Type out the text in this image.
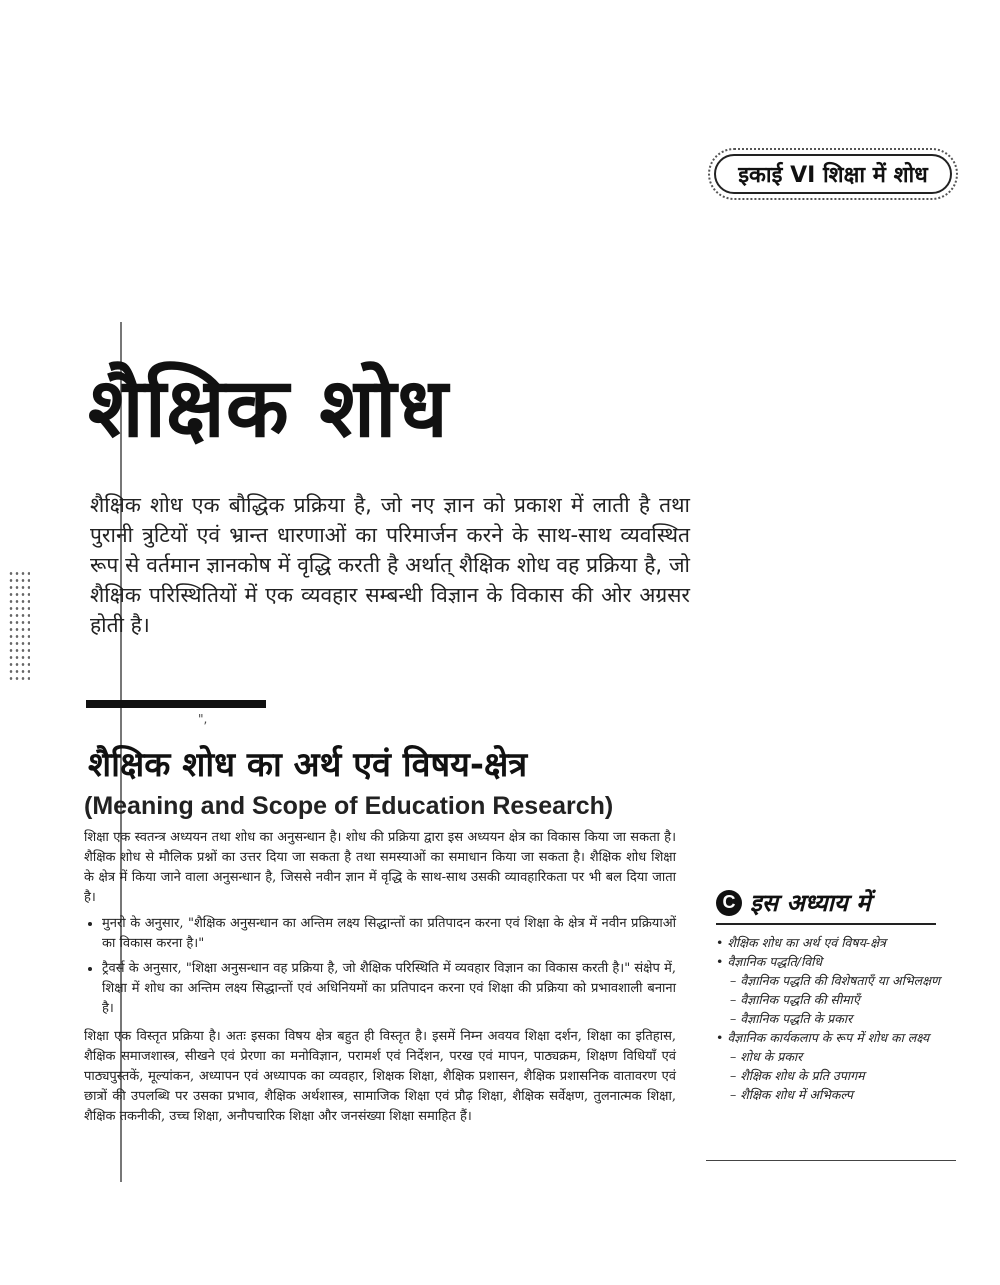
इकाई VI शिक्षा में शोध
शैक्षिक शोध

शैक्षिक शोध एक बौद्धिक प्रक्रिया है, जो नए ज्ञान को प्रकाश में लाती है तथा पुरानी त्रुटियों एवं भ्रान्त धारणाओं का परिमार्जन करने के साथ-साथ व्यवस्थित रूप से वर्तमान ज्ञानकोष में वृद्धि करती है अर्थात् शैक्षिक शोध वह प्रक्रिया है, जो शैक्षिक परिस्थितियों में एक व्यवहार सम्बन्धी विज्ञान के विकास की ओर अग्रसर होती है।

",
शैक्षिक शोध का अर्थ एवं विषय-क्षेत्र
(Meaning and Scope of Education Research)

शिक्षा एक स्वतन्त्र अध्ययन तथा शोध का अनुसन्धान है। शोध की प्रक्रिया द्वारा इस अध्ययन क्षेत्र का विकास किया जा सकता है। शैक्षिक शोध से मौलिक प्रश्नों का उत्तर दिया जा सकता है तथा समस्याओं का समाधान किया जा सकता है। शैक्षिक शोध शिक्षा के क्षेत्र में किया जाने वाला अनुसन्धान है, जिससे नवीन ज्ञान में वृद्धि के साथ-साथ उसकी व्यावहारिकता पर भी बल दिया जाता है।

• मुनरो के अनुसार, "शैक्षिक अनुसन्धान का अन्तिम लक्ष्य सिद्धान्तों का प्रतिपादन करना एवं शिक्षा के क्षेत्र में नवीन प्रक्रियाओं का विकास करना है।"
• ट्रैवर्स के अनुसार, "शिक्षा अनुसन्धान वह प्रक्रिया है, जो शैक्षिक परिस्थिति में व्यवहार विज्ञान का विकास करती है।" संक्षेप में, शिक्षा में शोध का अन्तिम लक्ष्य सिद्धान्तों एवं अधिनियमों का प्रतिपादन करना एवं शिक्षा की प्रक्रिया को प्रभावशाली बनाना है।

शिक्षा एक विस्तृत प्रक्रिया है। अतः इसका विषय क्षेत्र बहुत ही विस्तृत है। इसमें निम्न अवयव शिक्षा दर्शन, शिक्षा का इतिहास, शैक्षिक समाजशास्त्र, सीखने एवं प्रेरणा का मनोविज्ञान, परामर्श एवं निर्देशन, परख एवं मापन, पाठ्यक्रम, शिक्षण विधियाँ एवं पाठ्यपुस्तकें, मूल्यांकन, अध्यापन एवं अध्यापक का व्यवहार, शिक्षक शिक्षा, शैक्षिक प्रशासन, शैक्षिक प्रशासनिक वातावरण एवं छात्रों की उपलब्धि पर उसका प्रभाव, शैक्षिक अर्थशास्त्र, सामाजिक शिक्षा एवं प्रौढ़ शिक्षा, शैक्षिक सर्वेक्षण, तुलनात्मक शिक्षा, शैक्षिक तकनीकी, उच्च शिक्षा, अनौपचारिक शिक्षा और जनसंख्या शिक्षा समाहित हैं।

C इस अध्याय में
• शैक्षिक शोध का अर्थ एवं विषय-क्षेत्र
• वैज्ञानिक पद्धति/विधि
– वैज्ञानिक पद्धति की विशेषताएँ या अभिलक्षण
– वैज्ञानिक पद्धति की सीमाएँ
– वैज्ञानिक पद्धति के प्रकार
• वैज्ञानिक कार्यकलाप के रूप में शोध का लक्ष्य
– शोध के प्रकार
– शैक्षिक शोध के प्रति उपागम
– शैक्षिक शोध में अभिकल्प
